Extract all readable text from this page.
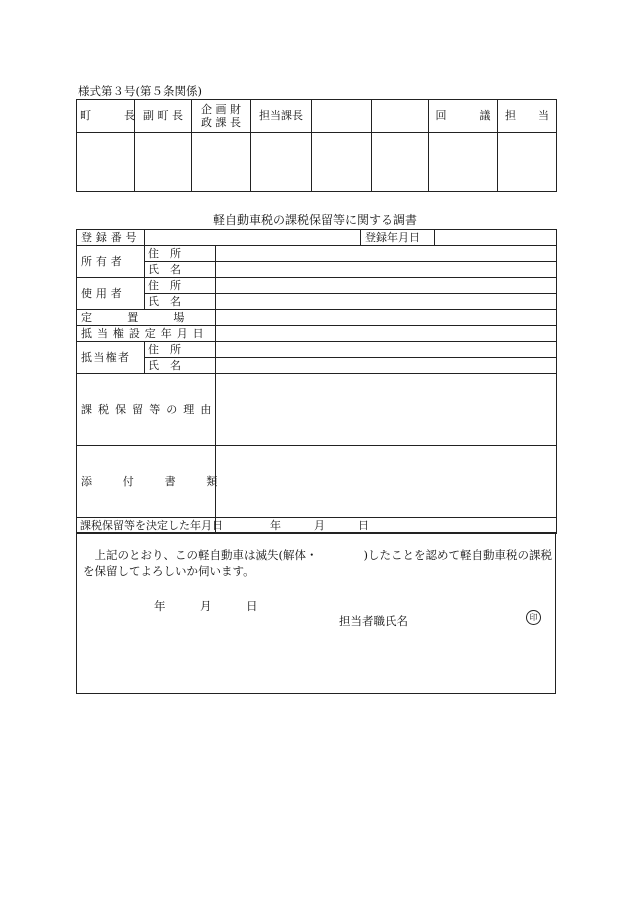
様式第３号(第５条関係)
町　　　長	副 町 長	企 画 財
政 課 長	担当課長			回　　　議	担　　当

軽自動車税の課税保留等に関する調書
登録番号			登録年月日	
所有者	住　所			
	氏　名			
使用者	住　所			
	氏　名			
定置場				
抵当権設定年月日				
抵当権者	住　所			
	氏　名			
課税保留等の理由				
添付書類				
課税保留等を決定した年月日		年　　　月　　　日		
上記のとおり、この軽自動車は滅失(解体・　　　　)したことを認めて軽自動車税の課税を保留してよろしいか伺います。
年　　　月　　　日
担当者職氏名	印
